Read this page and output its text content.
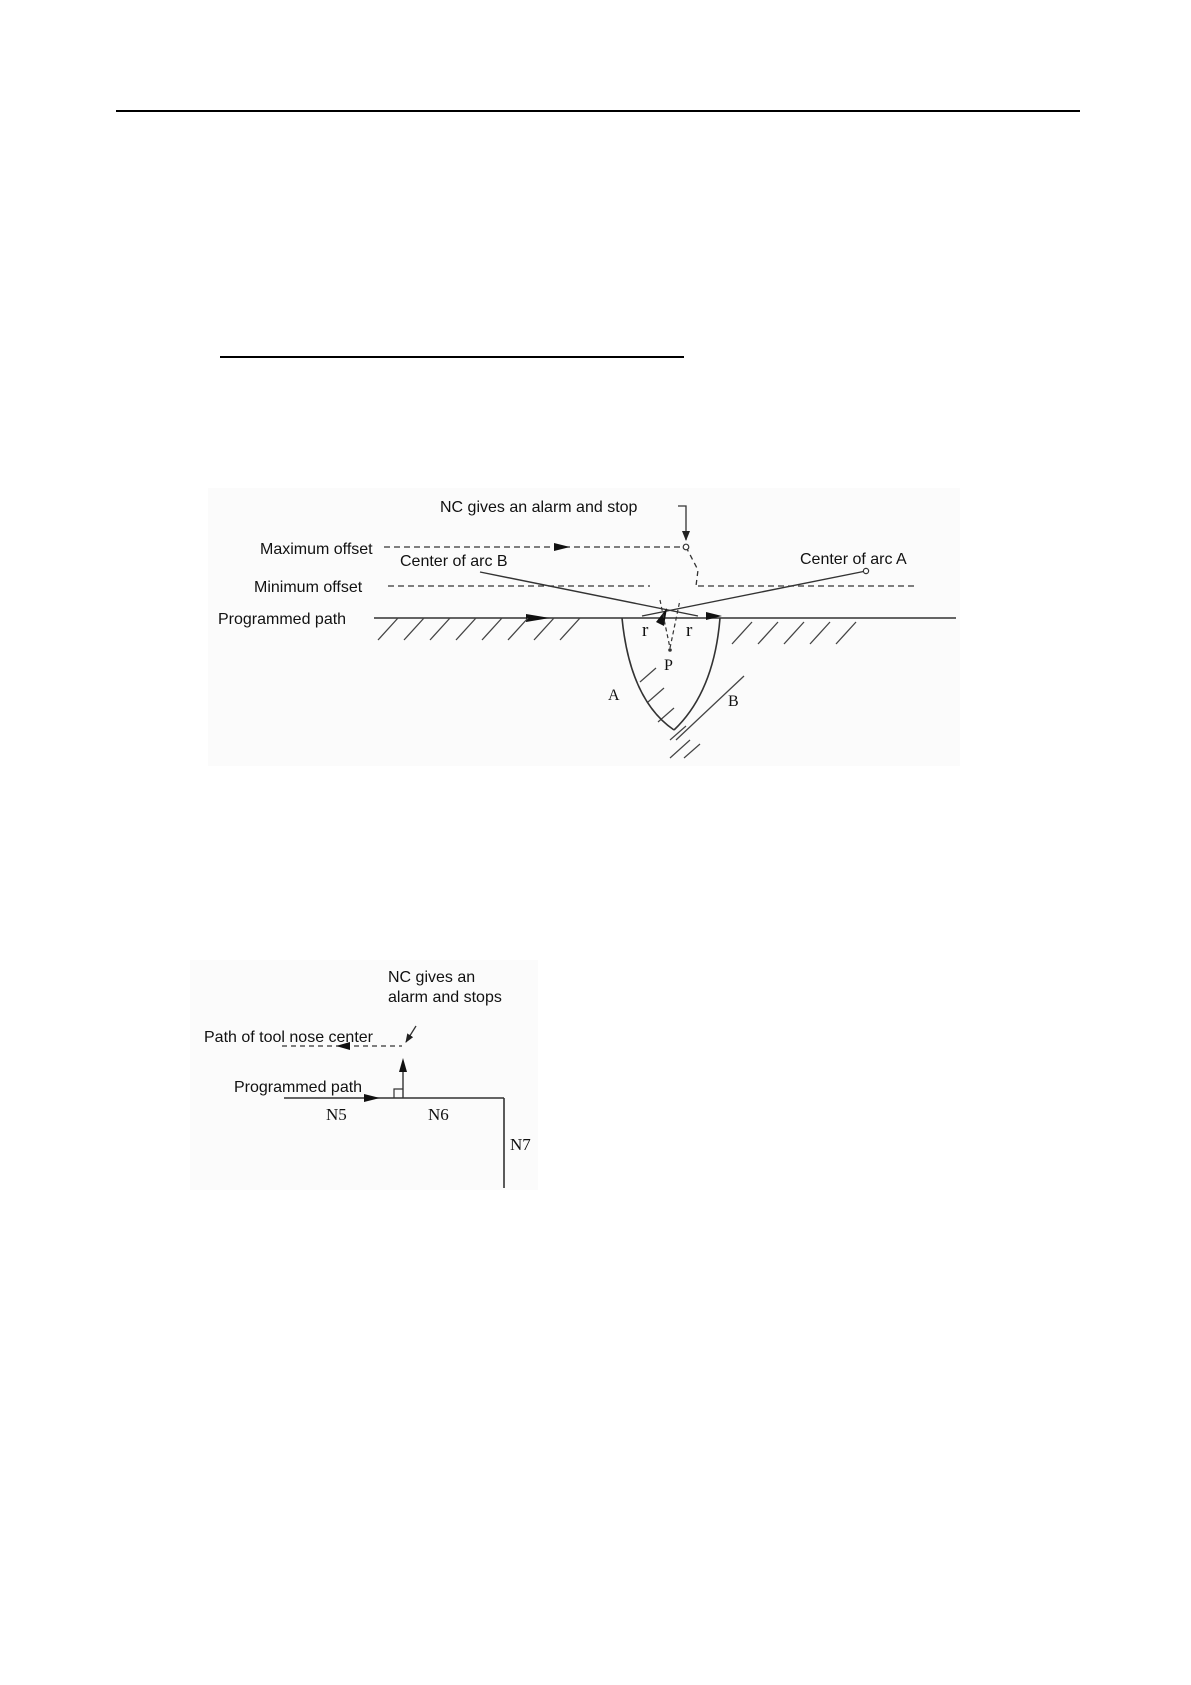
NC gives an alarm and stop
Maximum offset
Center of arc B	Center of arc A
Minimum offset
Programmed path
r r
P
A	B
NC gives an
alarm and stops
Path of tool nose center
Programmed path
N5	N6
N7
